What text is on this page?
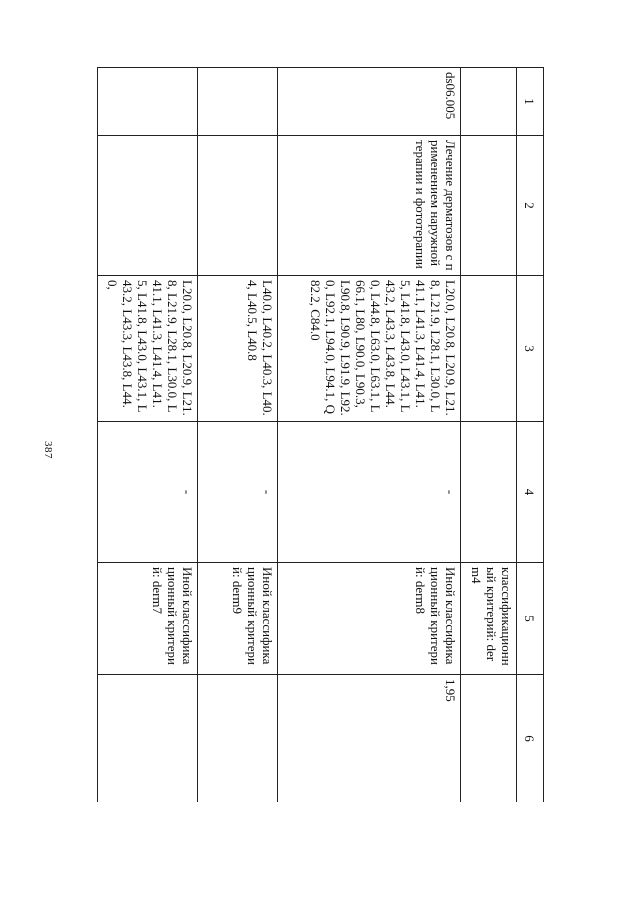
387
1	2	3	4	5	6
				классификационный критерий: derm4	
ds06.005	Лечение дерматозов с применением наружной терапии и фототерапии	L20.0, L20.8, L20.9, L21.8, L21.9, L28.1, L30.0, L41.1, L41.3, L41.4, L41.5, L41.8, L43.0, L43.1, L43.2, L43.3, L43.8, L44.0, L44.8, L63.0, L63.1, L66.1, L80, L90.0, L90.3, L90.8, L90.9, L91.9, L92.0, L92.1, L94.0, L94.1, Q82.2, C84.0	-	Иной классификационный критерий: derm8	1,95
		L40.0, L40.2, L40.3, L40.4, L40.5, L40.8	-	Иной классификационный критерий: derm9	

		L20.0, L20.8, L20.9, L21.8, L21.9, L28.1, L30.0, L41.1, L41.3, L41.4, L41.5, L41.8, L43.0, L43.1, L43.2, L43.3, L43.8, L44.0,	-	Иной классификационный критерий: derm7	
